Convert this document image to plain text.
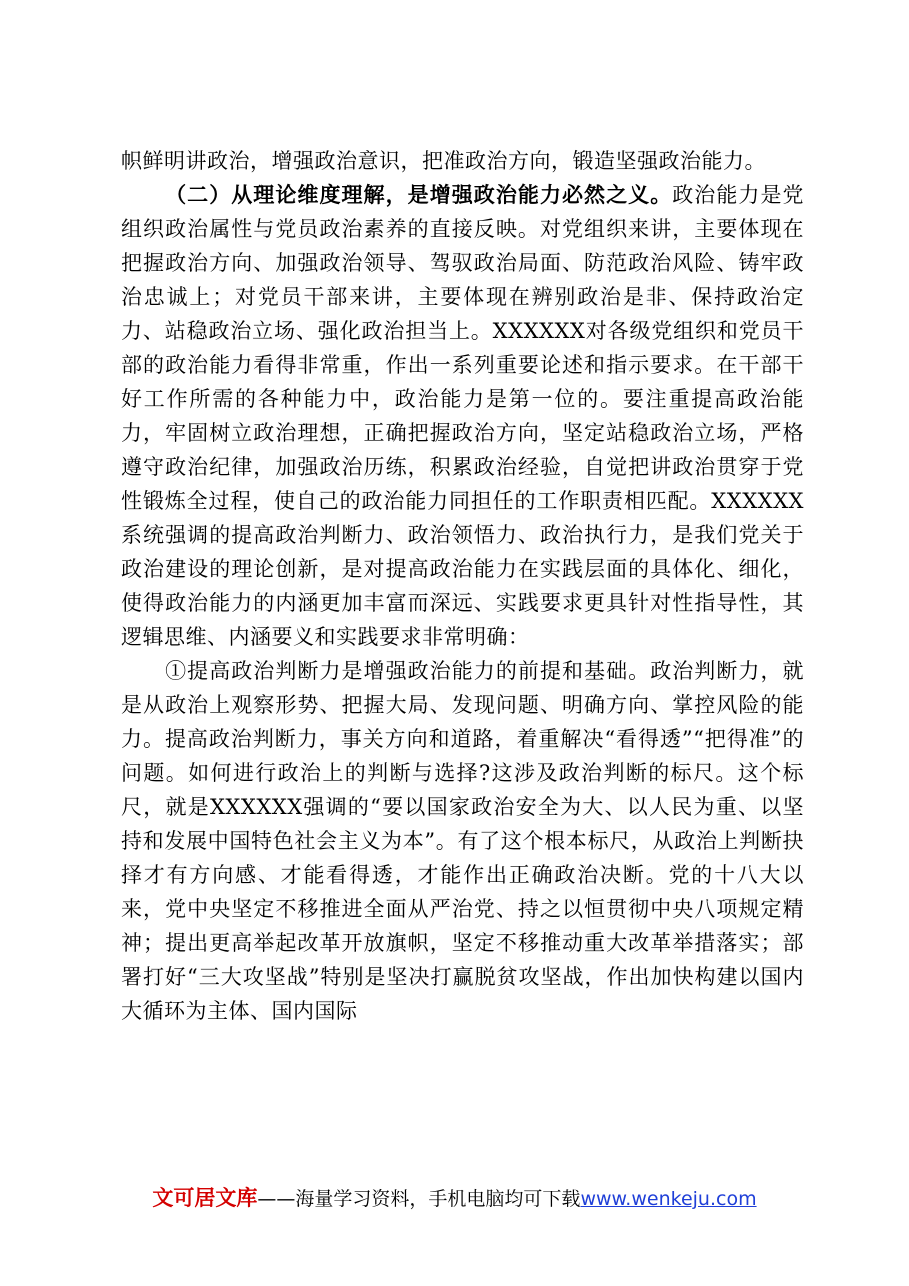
帜鲜明讲政治，增强政治意识，把准政治方向，锻造坚强政治能力。

（二）从理论维度理解，是增强政治能力必然之义。政治能力是党组织政治属性与党员政治素养的直接反映。对党组织来讲，主要体现在把握政治方向、加强政治领导、驾驭政治局面、防范政治风险、铸牢政治忠诚上；对党员干部来讲，主要体现在辨别政治是非、保持政治定力、站稳政治立场、强化政治担当上。XXXXXX对各级党组织和党员干部的政治能力看得非常重，作出一系列重要论述和指示要求。在干部干好工作所需的各种能力中，政治能力是第一位的。要注重提高政治能力，牢固树立政治理想，正确把握政治方向，坚定站稳政治立场，严格遵守政治纪律，加强政治历练，积累政治经验，自觉把讲政治贯穿于党性锻炼全过程，使自己的政治能力同担任的工作职责相匹配。XXXXXX系统强调的提高政治判断力、政治领悟力、政治执行力，是我们党关于政治建设的理论创新，是对提高政治能力在实践层面的具体化、细化，使得政治能力的内涵更加丰富而深远、实践要求更具针对性指导性，其逻辑思维、内涵要义和实践要求非常明确：

①提高政治判断力是增强政治能力的前提和基础。政治判断力，就是从政治上观察形势、把握大局、发现问题、明确方向、掌控风险的能力。提高政治判断力，事关方向和道路，着重解决“看得透”“把得准”的问题。如何进行政治上的判断与选择?这涉及政治判断的标尺。这个标尺，就是XXXXXX强调的“要以国家政治安全为大、以人民为重、以坚持和发展中国特色社会主义为本”。有了这个根本标尺，从政治上判断抉择才有方向感、才能看得透，才能作出正确政治决断。党的十八大以来，党中央坚定不移推进全面从严治党、持之以恒贯彻中央八项规定精神；提出更高举起改革开放旗帜，坚定不移推动重大改革举措落实；部署打好“三大攻坚战”特别是坚决打赢脱贫攻坚战，作出加快构建以国内大循环为主体、国内国际

文可居文库——海量学习资料，手机电脑均可下载www.wenkeju.com
